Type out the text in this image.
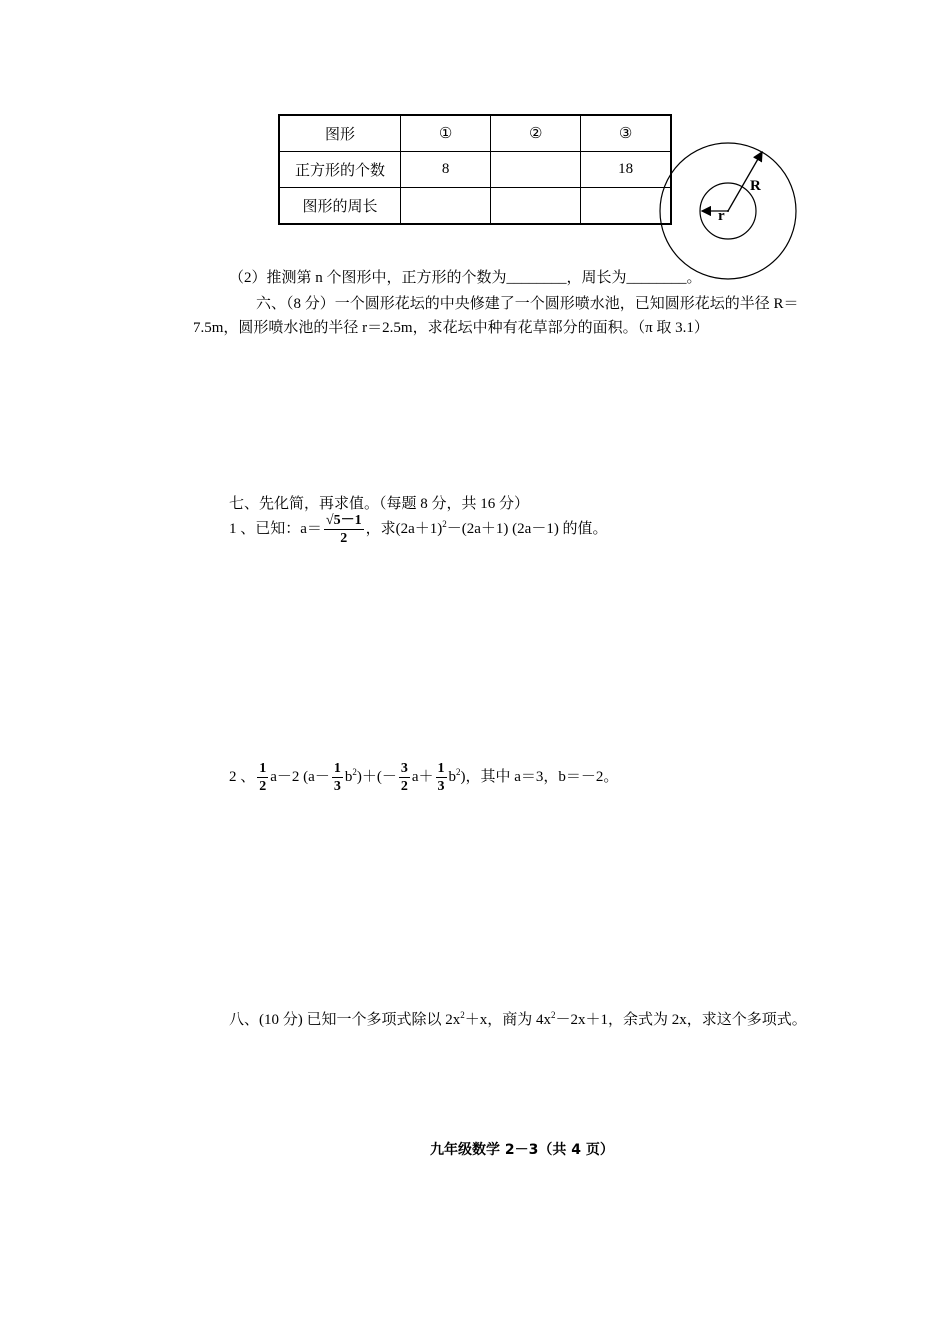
图形	①	②	③
正方形的个数	8		18
图形的周长			
R
r
（2）推测第 n 个图形中，正方形的个数为________，周长为________。
六、（8 分）一个圆形花坛的中央修建了一个圆形喷水池，已知圆形花坛的半径 R＝
7.5m，圆形喷水池的半径 r＝2.5m，求花坛中种有花草部分的面积。（π 取 3.1）
七、先化简，再求值。（每题 8 分，共 16 分）
1 、已知：$a= \frac{√5-1}{2}$ ，求$(2a+1)^2-(2a+1)$ (2a－1) 的值。
2 、 $\frac{1}{2} a-2$ $(a- \frac{1}{3} b^2)+(- \frac{3}{2} a+ \frac{1}{3} b^2)$，其中 a＝3，b＝－2。
八、(10 分) 已知一个多项式除以 $2x^2+x$，商为 $4x^2-2x+1$，余式为 2x，求这个多项式。
九年级数学 2－3（共 4 页）
